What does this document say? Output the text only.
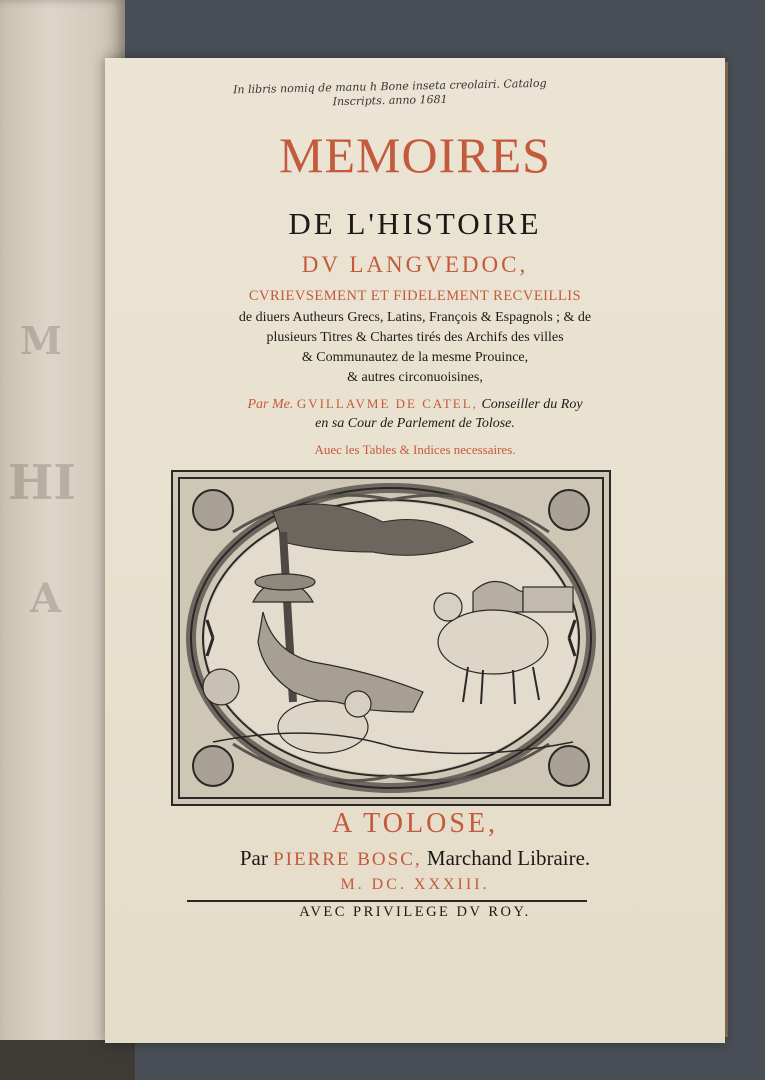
M
HI
A
In libris nomiq de manu h Bone inseta creolairi. Catalog
Inscripts. anno 1681
MEMOIRES
DE L'HISTOIRE
DV LANGVEDOC,
CVRIEVSEMENT ET FIDELEMENT RECVEILLIS
de diuers Autheurs Grecs, Latins, François & Espagnols ; & de
plusieurs Titres & Chartes tirés des Archifs des villes
& Communautez de la mesme Prouince,
& autres circonuoisines,
Par Me. GVILLAVME DE CATEL, Conseiller du Roy
en sa Cour de Parlement de Tolose.
Auec les Tables & Indices necessaires.
A TOLOSE,
Par PIERRE BOSC, Marchand Libraire.
M. DC. XXXIII.
AVEC PRIVILEGE DV ROY.
